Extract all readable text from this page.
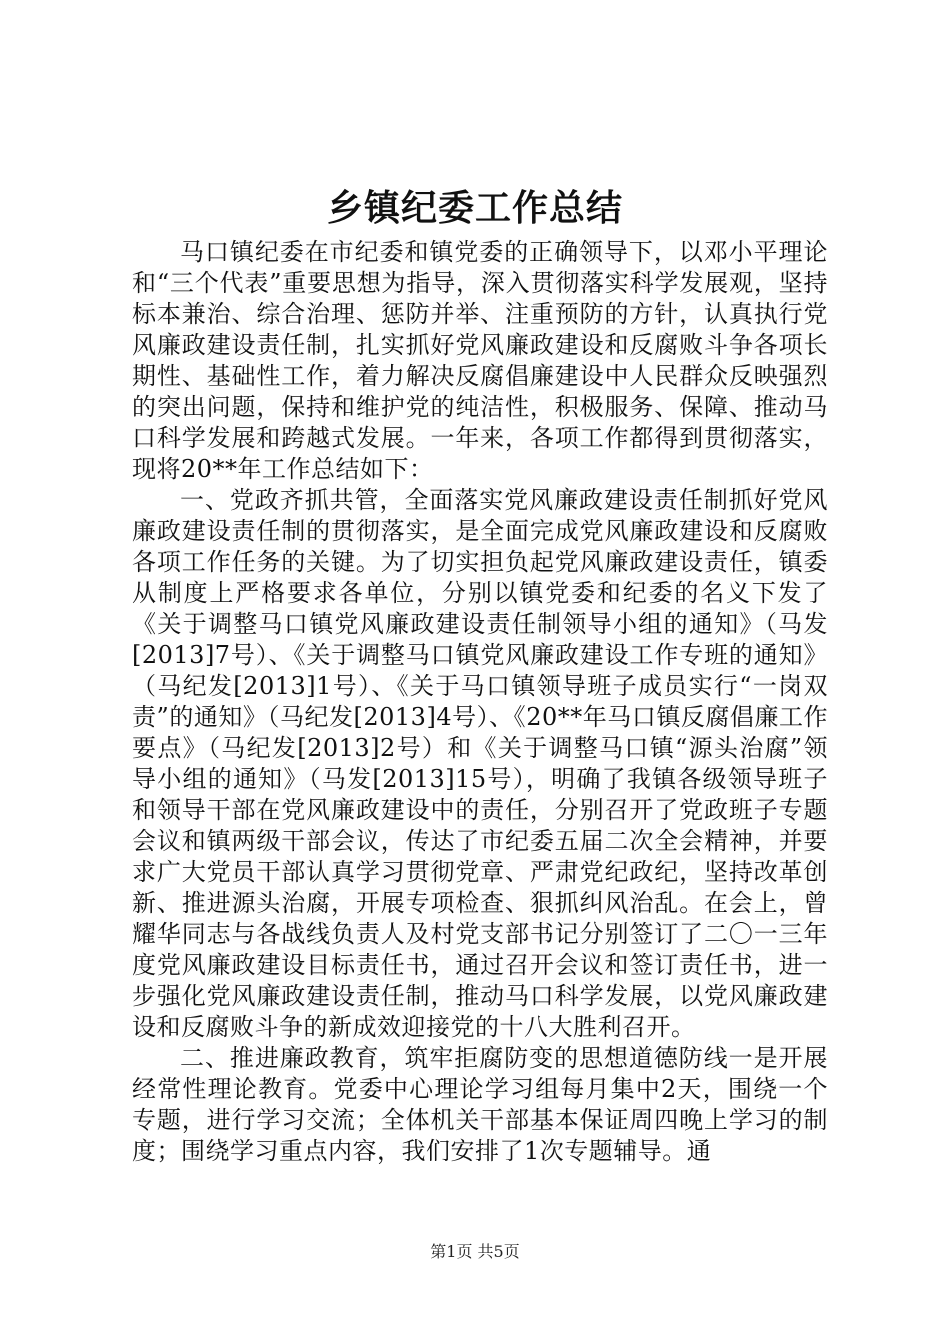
乡镇纪委工作总结

马口镇纪委在市纪委和镇党委的正确领导下，以邓小平理论和“三个代表”重要思想为指导，深入贯彻落实科学发展观，坚持标本兼治、综合治理、惩防并举、注重预防的方针，认真执行党风廉政建设责任制，扎实抓好党风廉政建设和反腐败斗争各项长期性、基础性工作，着力解决反腐倡廉建设中人民群众反映强烈的突出问题，保持和维护党的纯洁性，积极服务、保障、推动马口科学发展和跨越式发展。一年来，各项工作都得到贯彻落实，现将20**年工作总结如下：

一、党政齐抓共管，全面落实党风廉政建设责任制抓好党风廉政建设责任制的贯彻落实，是全面完成党风廉政建设和反腐败各项工作任务的关键。为了切实担负起党风廉政建设责任，镇委从制度上严格要求各单位，分别以镇党委和纪委的名义下发了《关于调整马口镇党风廉政建设责任制领导小组的通知》（马发[2013]7号）、《关于调整马口镇党风廉政建设工作专班的通知》（马纪发[2013]1号）、《关于马口镇领导班子成员实行“一岗双责”的通知》（马纪发[2013]4号）、《20**年马口镇反腐倡廉工作要点》（马纪发[2013]2号）和《关于调整马口镇“源头治腐”领导小组的通知》（马发[2013]15号），明确了我镇各级领导班子和领导干部在党风廉政建设中的责任，分别召开了党政班子专题会议和镇两级干部会议，传达了市纪委五届二次全会精神，并要求广大党员干部认真学习贯彻党章、严肃党纪政纪，坚持改革创新、推进源头治腐，开展专项检查、狠抓纠风治乱。在会上，曾耀华同志与各战线负责人及村党支部书记分别签订了二〇一三年度党风廉政建设目标责任书，通过召开会议和签订责任书，进一步强化党风廉政建设责任制，推动马口科学发展，以党风廉政建设和反腐败斗争的新成效迎接党的十八大胜利召开。

二、推进廉政教育，筑牢拒腐防变的思想道德防线一是开展经常性理论教育。党委中心理论学习组每月集中2天，围绕一个专题，进行学习交流；全体机关干部基本保证周四晚上学习的制度；围绕学习重点内容，我们安排了1次专题辅导。通

第1页 共5页
